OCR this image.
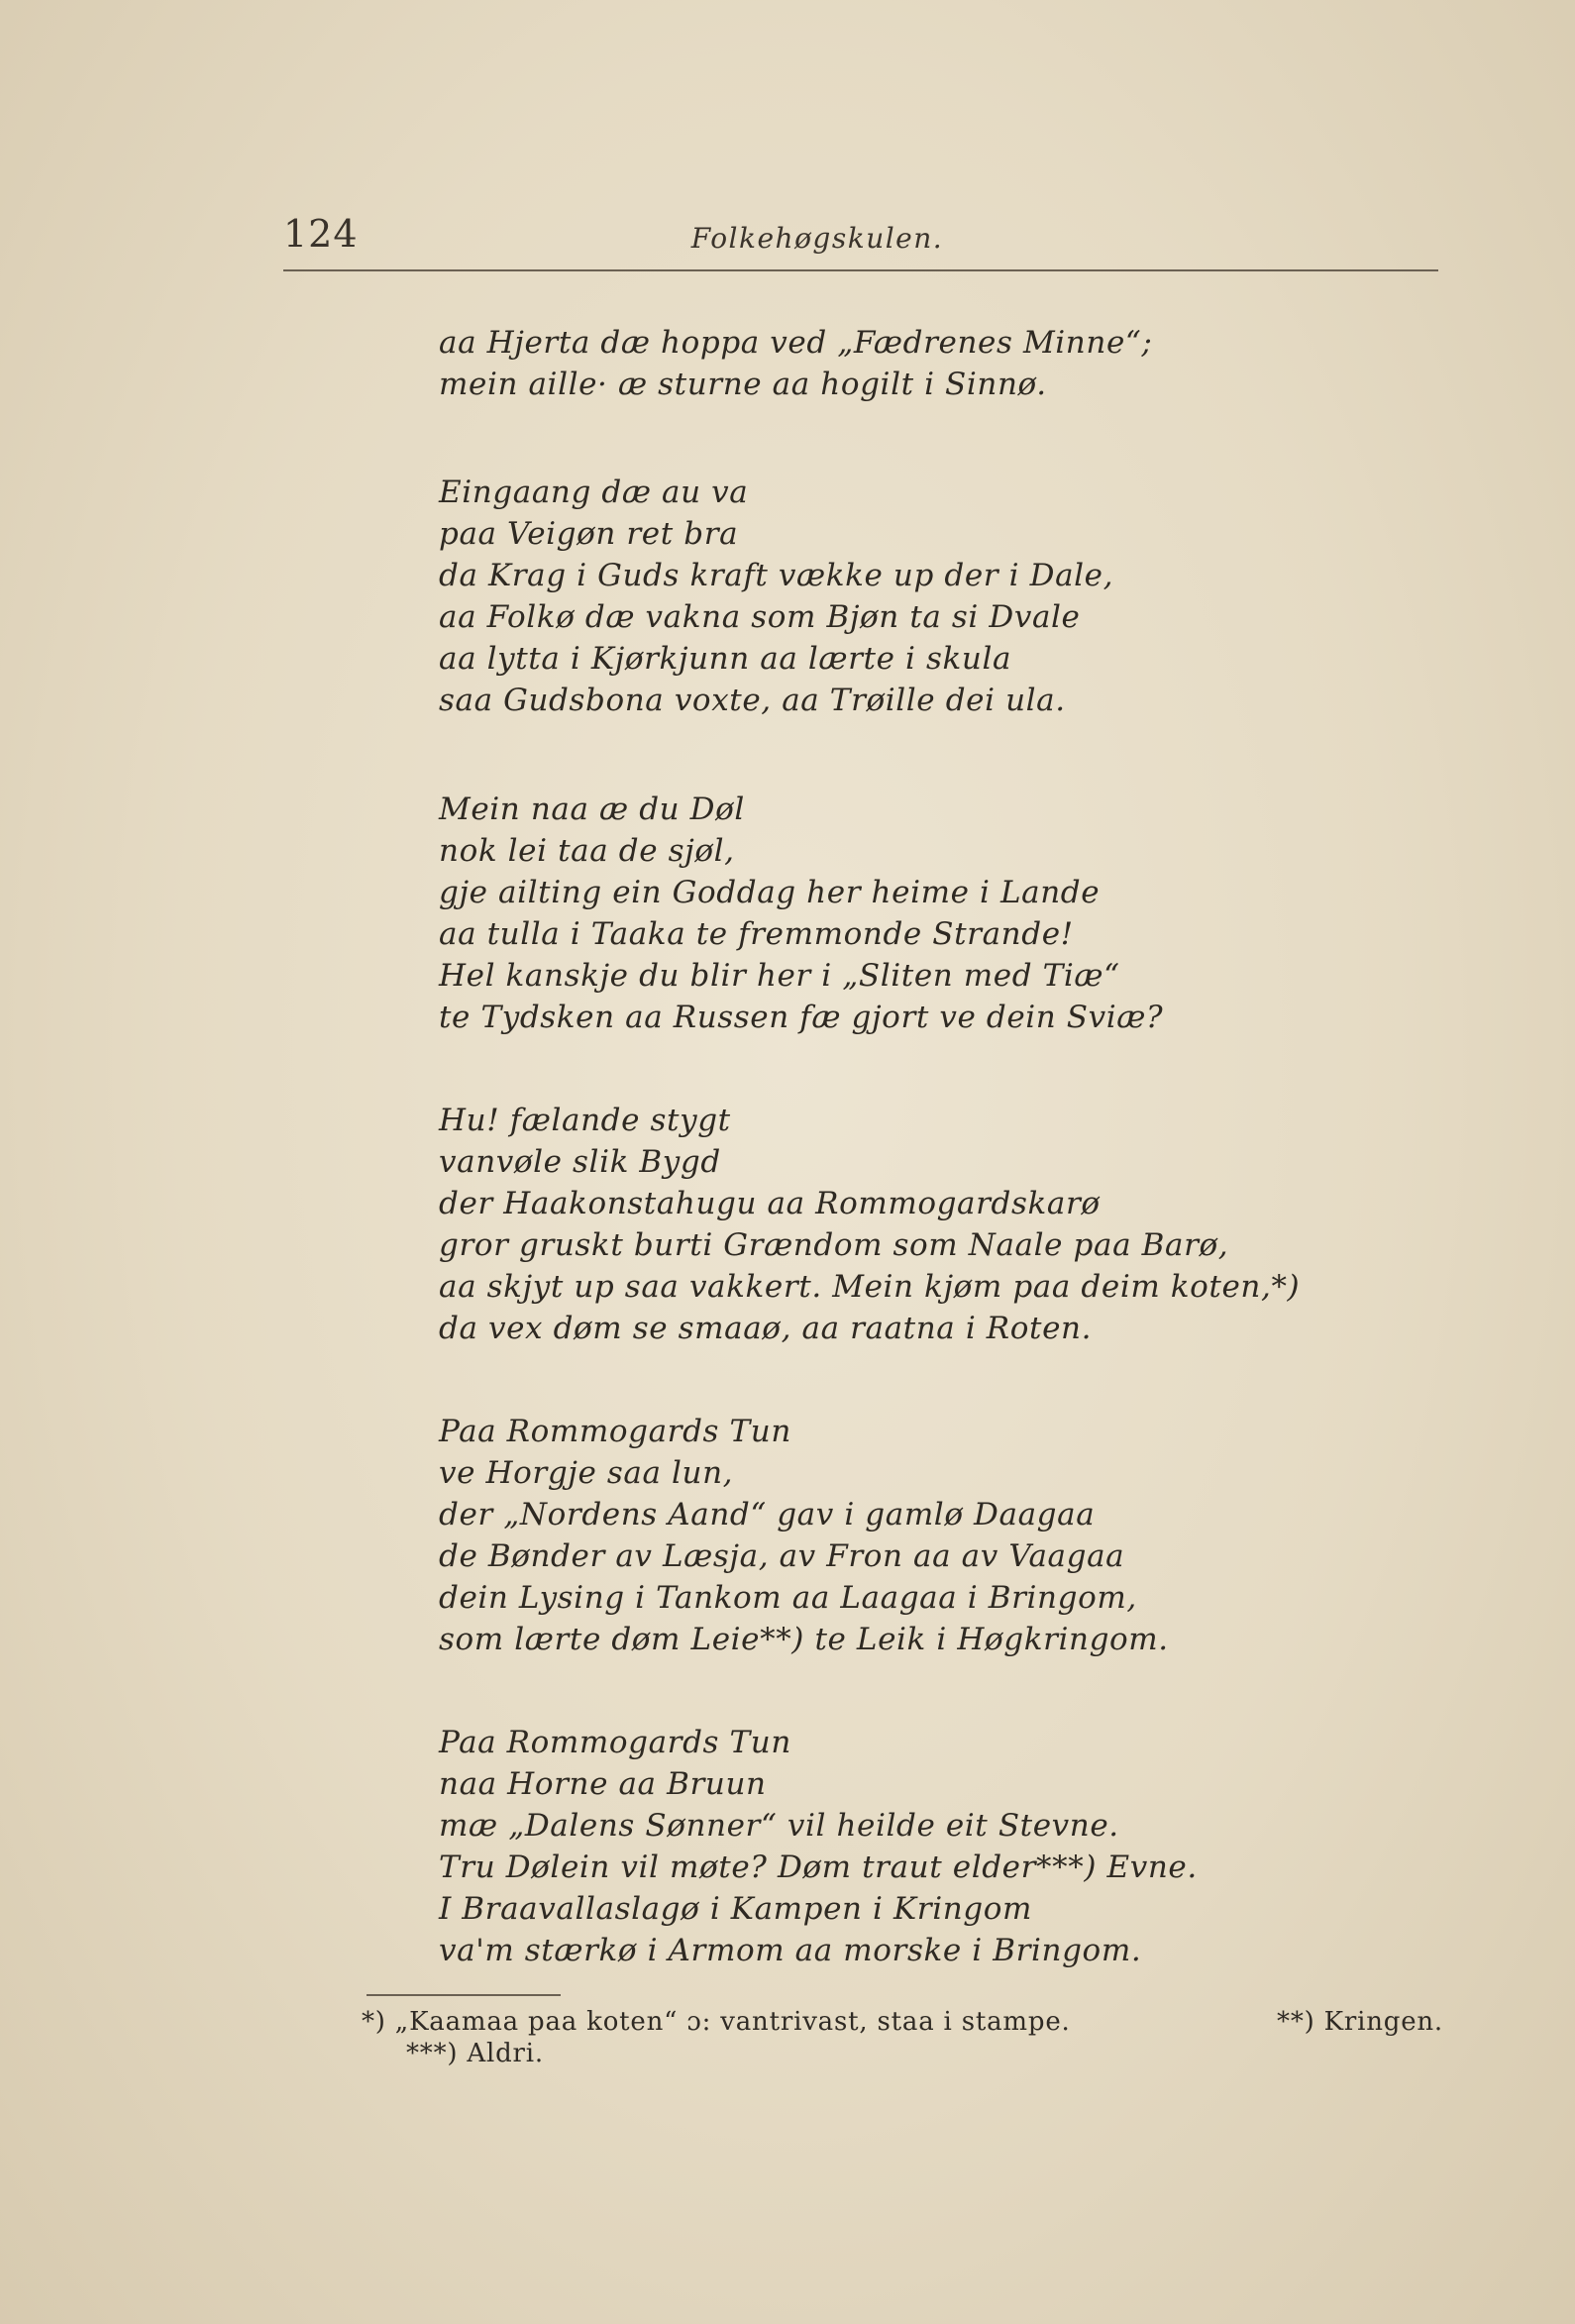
124	Folkehøgskulen.
aa Hjerta dæ hoppa ved „Fædrenes Minne“;
mein aille· æ sturne aa hogilt i Sinnø.
Eingaang dæ au va
paa Veigøn ret bra
da Krag i Guds kraft vække up der i Dale,
aa Folkø dæ vakna som Bjøn ta si Dvale
aa lytta i Kjørkjunn aa lærte i skula
saa Gudsbona voxte, aa Trøille dei ula.
Mein naa æ du Døl
nok lei taa de sjøl,
gje ailting ein Goddag her heime i Lande
aa tulla i Taaka te fremmonde Strande!
Hel kanskje du blir her i „Sliten med Tiæ“
te Tydsken aa Russen fæ gjort ve dein Sviæ?
Hu! fælande stygt
vanvøle slik Bygd
der Haakonstahugu aa Rommogardskarø
gror gruskt burti Grændom som Naale paa Barø,
aa skjyt up saa vakkert. Mein kjøm paa deim koten,*)
da vex døm se smaaø, aa raatna i Roten.
Paa Rommogards Tun
ve Horgje saa lun,
der „Nordens Aand“ gav i gamlø Daagaa
de Bønder av Læsja, av Fron aa av Vaagaa
dein Lysing i Tankom aa Laagaa i Bringom,
som lærte døm Leie**) te Leik i Høgkringom.
Paa Rommogards Tun
naa Horne aa Bruun
mæ „Dalens Sønner“ vil heilde eit Stevne.
Tru Dølein vil møte? Døm traut elder***) Evne.
I Braavallaslagø i Kampen i Kringom
va'm stærkø i Armom aa morske i Bringom.
*) „Kaamaa paa koten“ ɔ: vantrivast, staa i stampe.	**) Kringen.
***) Aldri.
